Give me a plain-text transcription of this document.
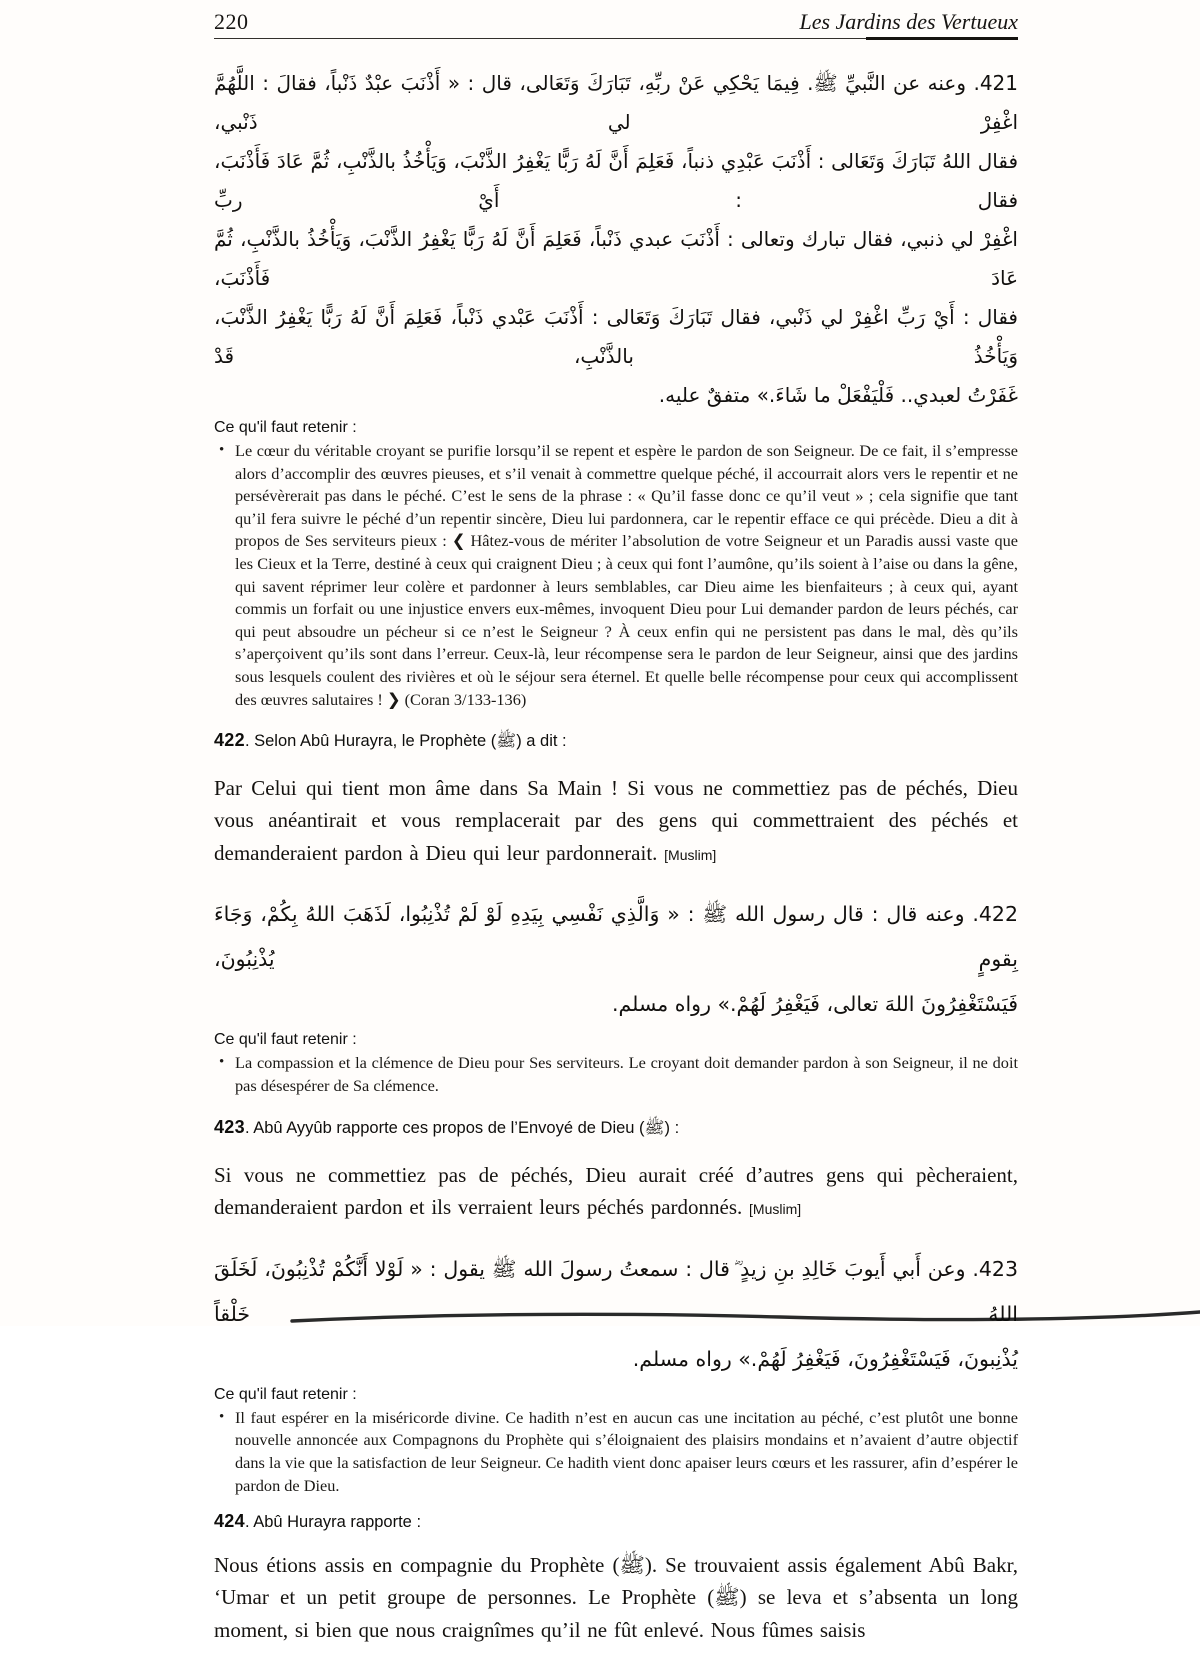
220	Les Jardins des Vertueux
421. وعنه عن النَّبيِّ ﷺ. فِيمَا يَحْكِي عَنْ ربِّهِ، تَبَارَكَ وَتَعَالى، قال : « أَذْنَبَ عبْدٌ ذَنْباً، فقالَ : اللَّهُمَّ اغْفِرْ لي ذَنْبي،
فقال اللهُ تَبَارَكَ وَتَعَالى : أَذْنَبَ عَبْدِي ذنباً، فَعَلِمَ أَنَّ لَهُ رَبًّا يَغْفِرُ الذَّنْبَ، وَيَأْخُذُ بالذَّنْبِ، ثُمَّ عَادَ فَأَذْنَبَ، فقال : أَيْ ربِّ
اغْفِرْ لي ذنبي، فقال تبارك وتعالى : أَذْنَبَ عبدي ذَنْباً، فَعَلِمَ أَنَّ لَهُ رَبًّا يَغْفِرُ الذَّنْبَ، وَيَأْخُذُ بالذَّنْبِ، ثُمَّ عَادَ فَأَذْنَبَ،
فقال : أَيْ رَبِّ اغْفِرْ لي ذَنْبي، فقال تَبَارَكَ وَتَعَالى : أَذْنَبَ عَبْدي ذَنْباً، فَعَلِمَ أَنَّ لَهُ رَبًّا يَغْفِرُ الذَّنْبَ، وَيَأْخُذُ بالذَّنْبِ، قَدْ
غَفَرْتُ لعبدي.. فَلْيَفْعَلْ ما شَاءَ.» متفقٌ عليه.
Ce qu'il faut retenir :
• Le cœur du véritable croyant se purifie lorsqu’il se repent et espère le pardon de son Seigneur. De ce fait, il s’empresse alors d’accomplir des œuvres pieuses, et s’il venait à commettre quelque péché, il accourrait alors vers le repentir et ne persévèrerait pas dans le péché. C’est le sens de la phrase : « Qu’il fasse donc ce qu’il veut » ; cela signifie que tant qu’il fera suivre le péché d’un repentir sincère, Dieu lui pardonnera, car le repentir efface ce qui précède. Dieu a dit à propos de Ses serviteurs pieux : ❮ Hâtez-vous de mériter l’absolution de votre Seigneur et un Paradis aussi vaste que les Cieux et la Terre, destiné à ceux qui craignent Dieu ; à ceux qui font l’aumône, qu’ils soient à l’aise ou dans la gêne, qui savent réprimer leur colère et pardonner à leurs semblables, car Dieu aime les bienfaiteurs ; à ceux qui, ayant commis un forfait ou une injustice envers eux-mêmes, invoquent Dieu pour Lui demander pardon de leurs péchés, car qui peut absoudre un pécheur si ce n’est le Seigneur ? À ceux enfin qui ne persistent pas dans le mal, dès qu’ils s’aperçoivent qu’ils sont dans l’erreur. Ceux-là, leur récompense sera le pardon de leur Seigneur, ainsi que des jardins sous lesquels coulent des rivières et où le séjour sera éternel. Et quelle belle récompense pour ceux qui accomplissent des œuvres salutaires ! ❯ (Coran 3/133-136)

422. Selon Abû Hurayra, le Prophète (ﷺ) a dit :

Par Celui qui tient mon âme dans Sa Main ! Si vous ne commettiez pas de péchés, Dieu vous anéantirait et vous remplacerait par des gens qui commettraient des péchés et demanderaient pardon à Dieu qui leur pardonnerait. [Muslim]

422. وعنه قال : قال رسول الله ﷺ : « وَالَّذِي نَفْسِي بِيَدِهِ لَوْ لَمْ تُذْنِبُوا، لَذَهَبَ اللهُ بِكُمْ، وَجَاءَ بِقومٍ يُذْنِبُونَ،
فَيَسْتَغْفِرُونَ اللهَ تعالى، فَيَغْفِرُ لَهُمْ.» رواه مسلم.
Ce qu'il faut retenir :
• La compassion et la clémence de Dieu pour Ses serviteurs. Le croyant doit demander pardon à son Seigneur, il ne doit pas désespérer de Sa clémence.

423. Abû Ayyûb rapporte ces propos de l’Envoyé de Dieu (ﷺ) :

Si vous ne commettiez pas de péchés, Dieu aurait créé d’autres gens qui pècheraient, demanderaient pardon et ils verraient leurs péchés pardonnés. [Muslim]

423. وعن أَبي أَيوبَ خَالِدِ بنِ زيدٍ ؓ قال : سمعتُ رسولَ الله ﷺ يقول : « لَوْلا أَنَّكُمْ تُذْنِبُونَ، لَخَلَقَ اللهُ خَلْقاً
يُذْنِبونَ، فَيَسْتَغْفِرُونَ، فَيَغْفِرُ لَهُمْ.» رواه مسلم.
Ce qu'il faut retenir :
• Il faut espérer en la miséricorde divine. Ce hadith n’est en aucun cas une incitation au péché, c’est plutôt une bonne nouvelle annoncée aux Compagnons du Prophète qui s’éloignaient des plaisirs mondains et n’avaient d’autre objectif dans la vie que la satisfaction de leur Seigneur. Ce hadith vient donc apaiser leurs cœurs et les rassurer, afin d’espérer le pardon de Dieu.

424. Abû Hurayra rapporte :

Nous étions assis en compagnie du Prophète (ﷺ). Se trouvaient assis également Abû Bakr, ‘Umar et un petit groupe de personnes. Le Prophète (ﷺ) se leva et s’absenta un long moment, si bien que nous craignîmes qu’il ne fût enlevé. Nous fûmes saisis
